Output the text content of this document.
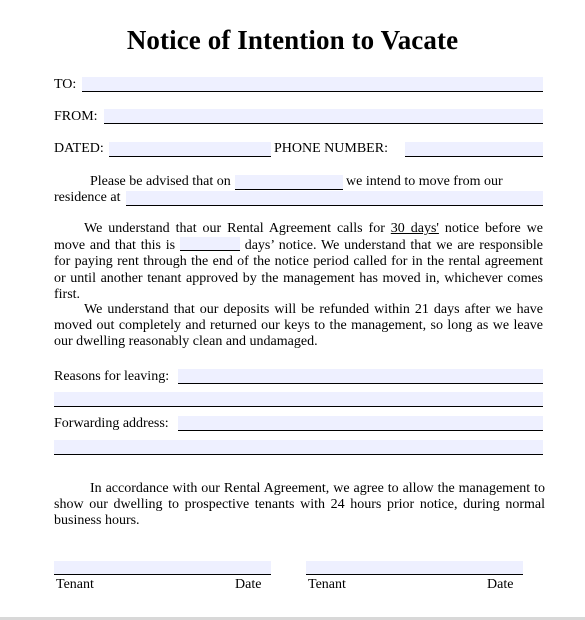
Notice of Intention to Vacate
TO:
FROM:
DATED:	PHONE NUMBER:
Please be advised that on	we intend to move from our
residence at
We understand that our Rental Agreement calls for 30 days' notice before we move and that this is	days’ notice. We understand that we are responsible for paying rent through the end of the notice period called for in the rental agreement or until another tenant approved by the management has moved in, whichever comes first.
We understand that our deposits will be refunded within 21 days after we have moved out completely and returned our keys to the management, so long as we leave our dwelling reasonably clean and undamaged.
Reasons for leaving:
Forwarding address:
In accordance with our Rental Agreement, we agree to allow the management to show our dwelling to prospective tenants with 24 hours prior notice, during normal business hours.
Tenant	Date	Tenant	Date
